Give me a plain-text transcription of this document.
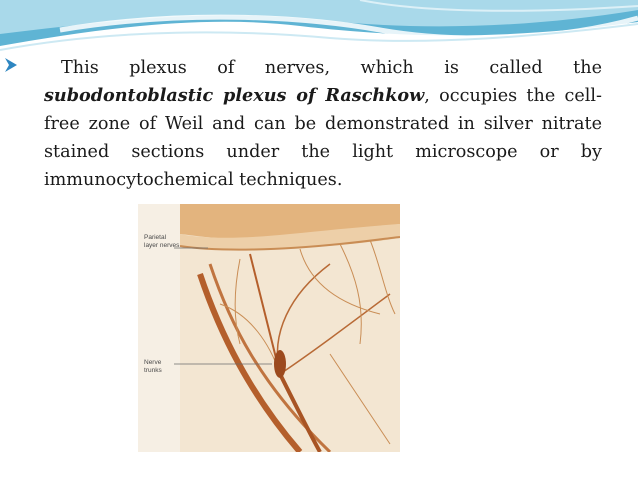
This plexus of nerves, which is called the subodontoblastic plexus of Raschkow, occupies the cell- free zone of Weil and can be demonstrated in silver nitrate stained sections under the light microscope or by immunocytochemical techniques.
Parietal layer nerves
Nerve trunks
